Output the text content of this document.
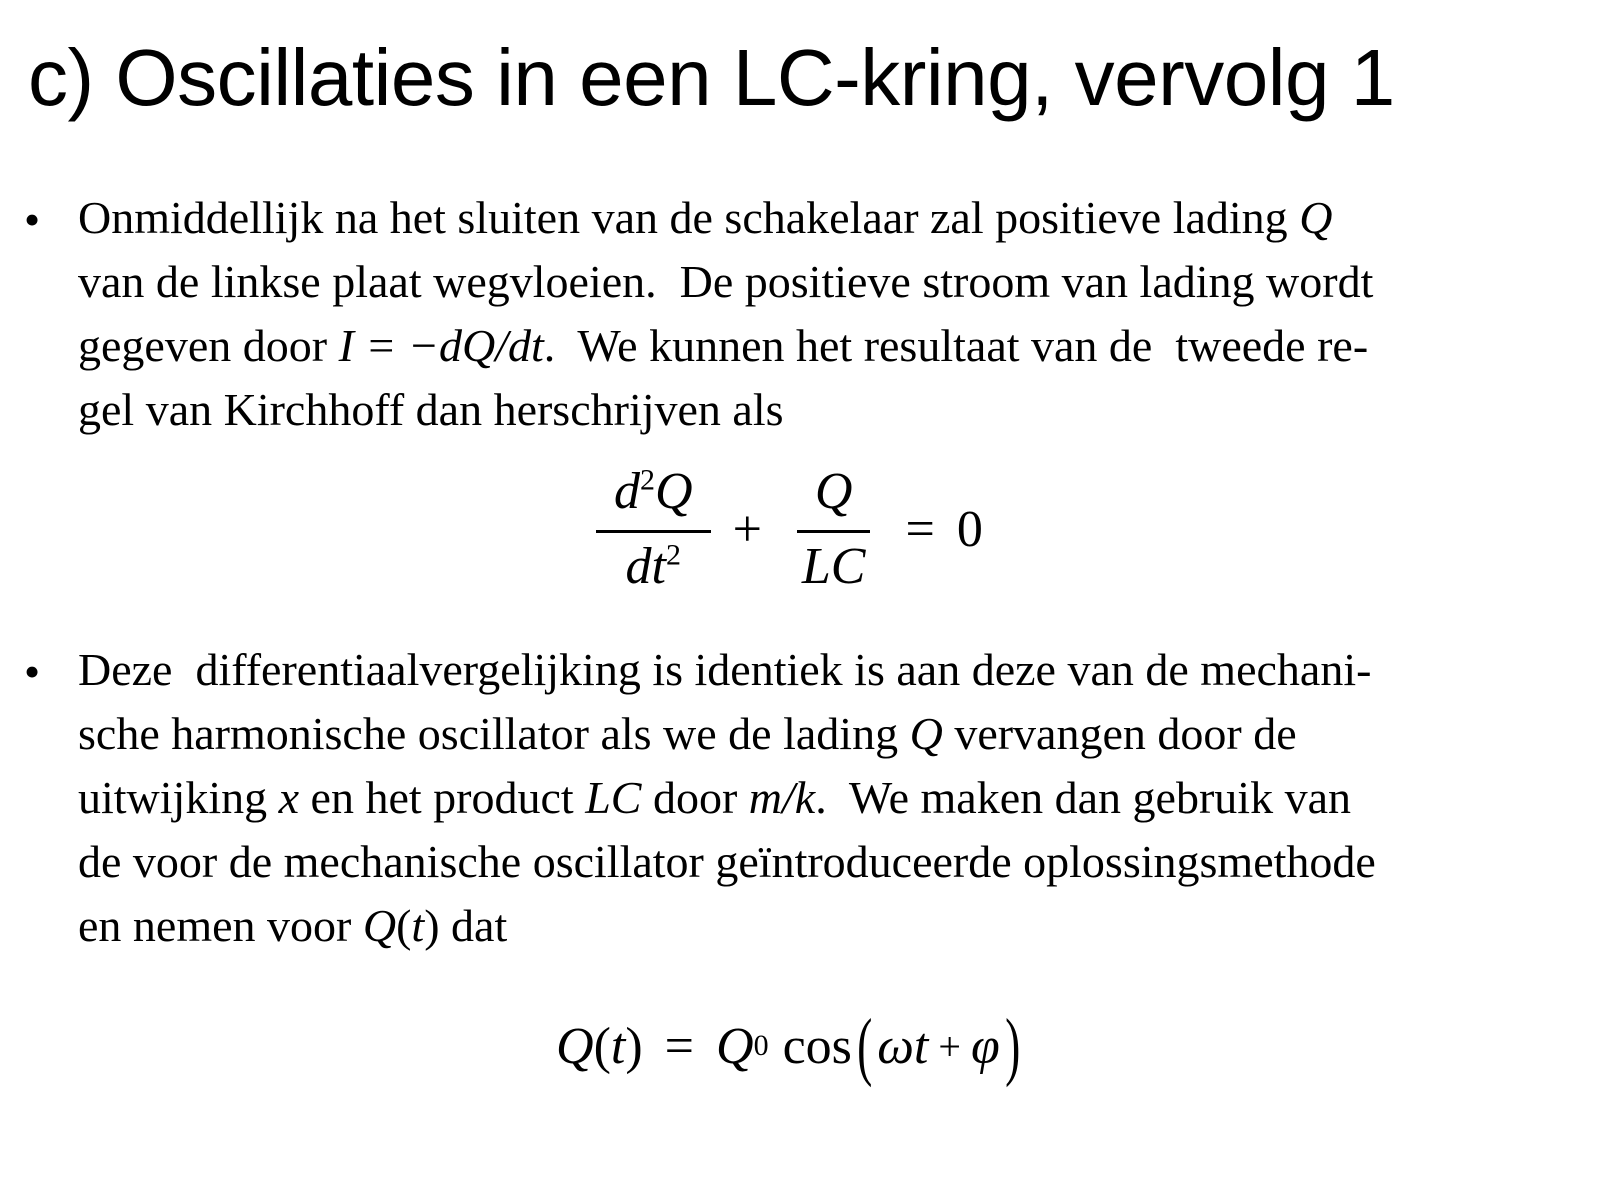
c) Oscillaties in een LC-kring, vervolg 1
• Onmiddellijk na het sluiten van de schakelaar zal positieve lading Q
van de linkse plaat wegvloeien.  De positieve stroom van lading wordt
gegeven door I = −dQ/dt.  We kunnen het resultaat van de  tweede re-
gel van Kirchhoff dan herschrijven als
$\frac{d^2Q}{dt^2} + \frac{Q}{LC} = 0$
• Deze  differentiaalvergelijking is identiek is aan deze van de mechani-
sche harmonische oscillator als we de lading Q vervangen door de
uitwijking x en het product LC door m/k.  We maken dan gebruik van
de voor de mechanische oscillator geïntroduceerde oplossingsmethode
en nemen voor Q(t) dat
Q ( t ) = Q 0 cos ( ωt + φ )
